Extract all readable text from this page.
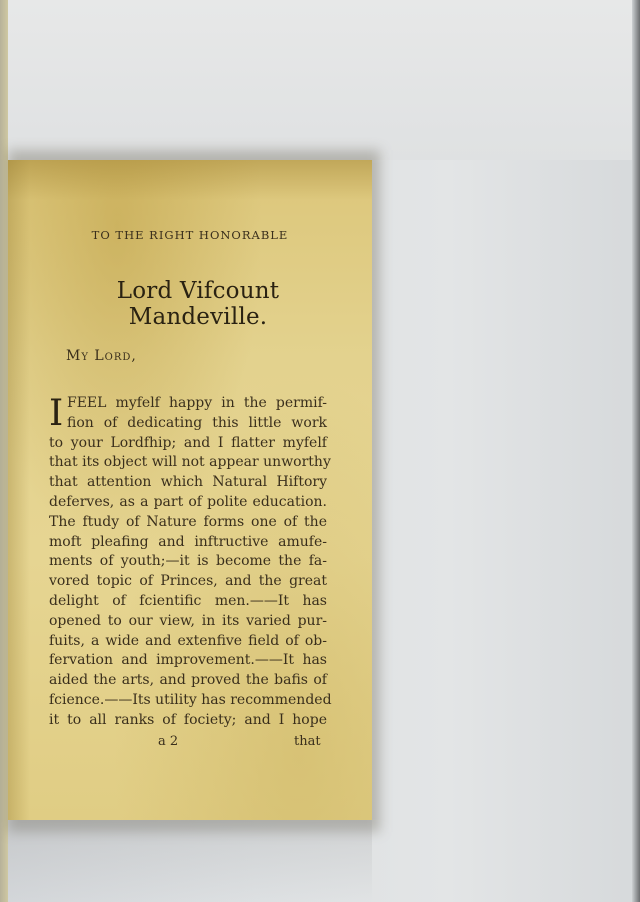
TO THE RIGHT HONORABLE
Lord Vifcount Mandeville.
My Lord,
I FEEL myfelf happy in the permif-
fion of dedicating this little work
to your Lordfhip; and I flatter myfelf
that its object will not appear unworthy
that attention which Natural Hiftory
deferves, as a part of polite education.
The ftudy of Nature forms one of the
moft pleafing and inftructive amufe-
ments of youth;—it is become the fa-
vored topic of Princes, and the great
delight of fcientific men.——It has
opened to our view, in its varied pur-
fuits, a wide and extenfive field of ob-
fervation and improvement.——It has
aided the arts, and proved the bafis of
fcience.——Its utility has recommended
it to all ranks of fociety; and I hope
a 2	that
